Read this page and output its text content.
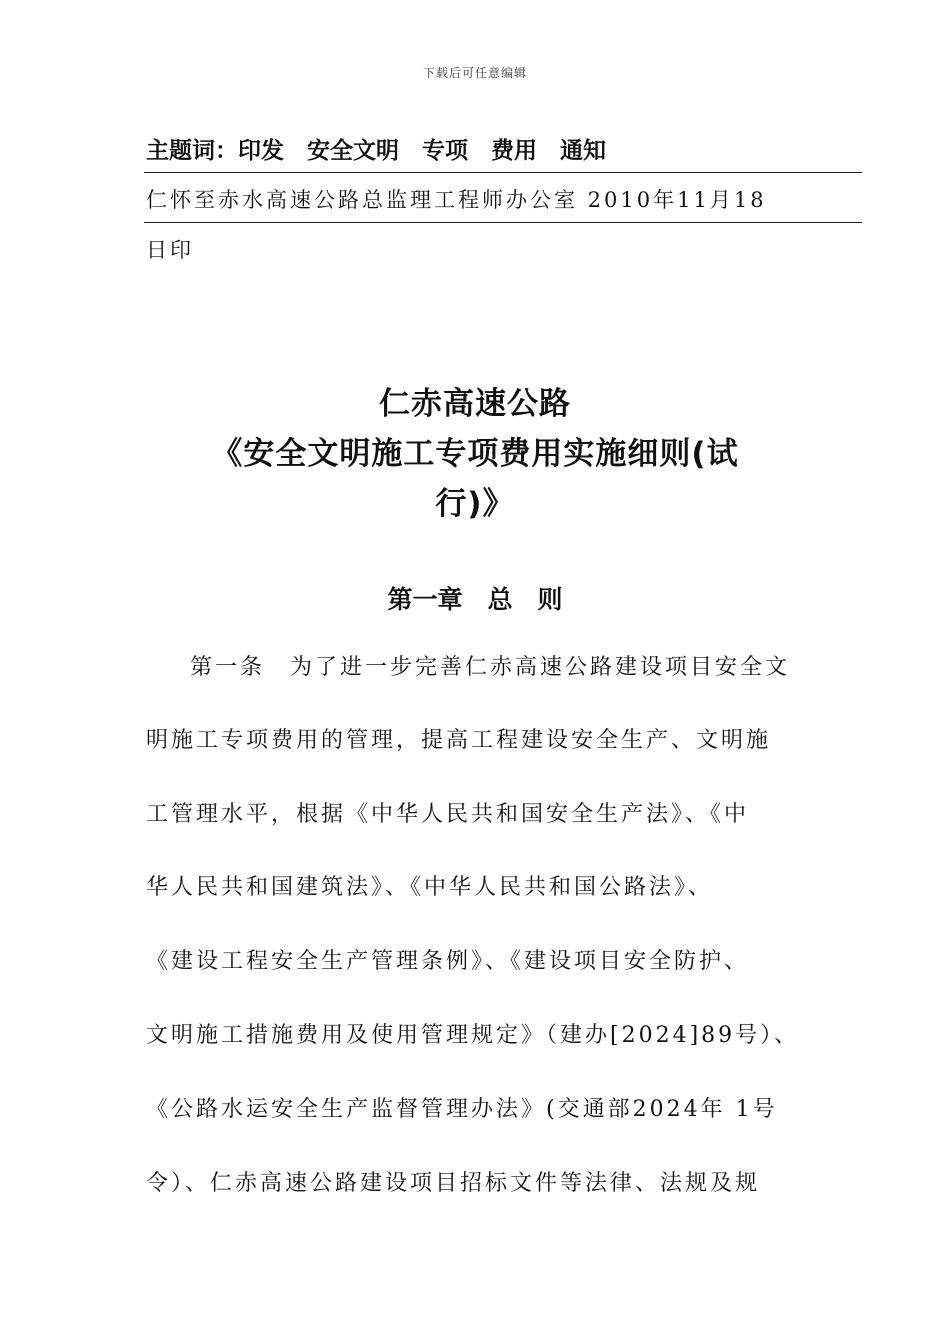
下载后可任意编辑
主题词：印发　安全文明　专项　费用　通知
仁怀至赤水高速公路总监理工程师办公室 2010年11月18
日印
仁赤高速公路
《安全文明施工专项费用实施细则(试
行)》
第一章　总　则
第一条　为了进一步完善仁赤高速公路建设项目安全文
明施工专项费用的管理，提高工程建设安全生产、文明施
工管理水平，根据《中华人民共和国安全生产法》、《中
华人民共和国建筑法》、《中华人民共和国公路法》、
《建设工程安全生产管理条例》、《建设项目安全防护、
文明施工措施费用及使用管理规定》（建办[2024]89号）、
《公路水运安全生产监督管理办法》(交通部2024年 1号
令）、仁赤高速公路建设项目招标文件等法律、法规及规
